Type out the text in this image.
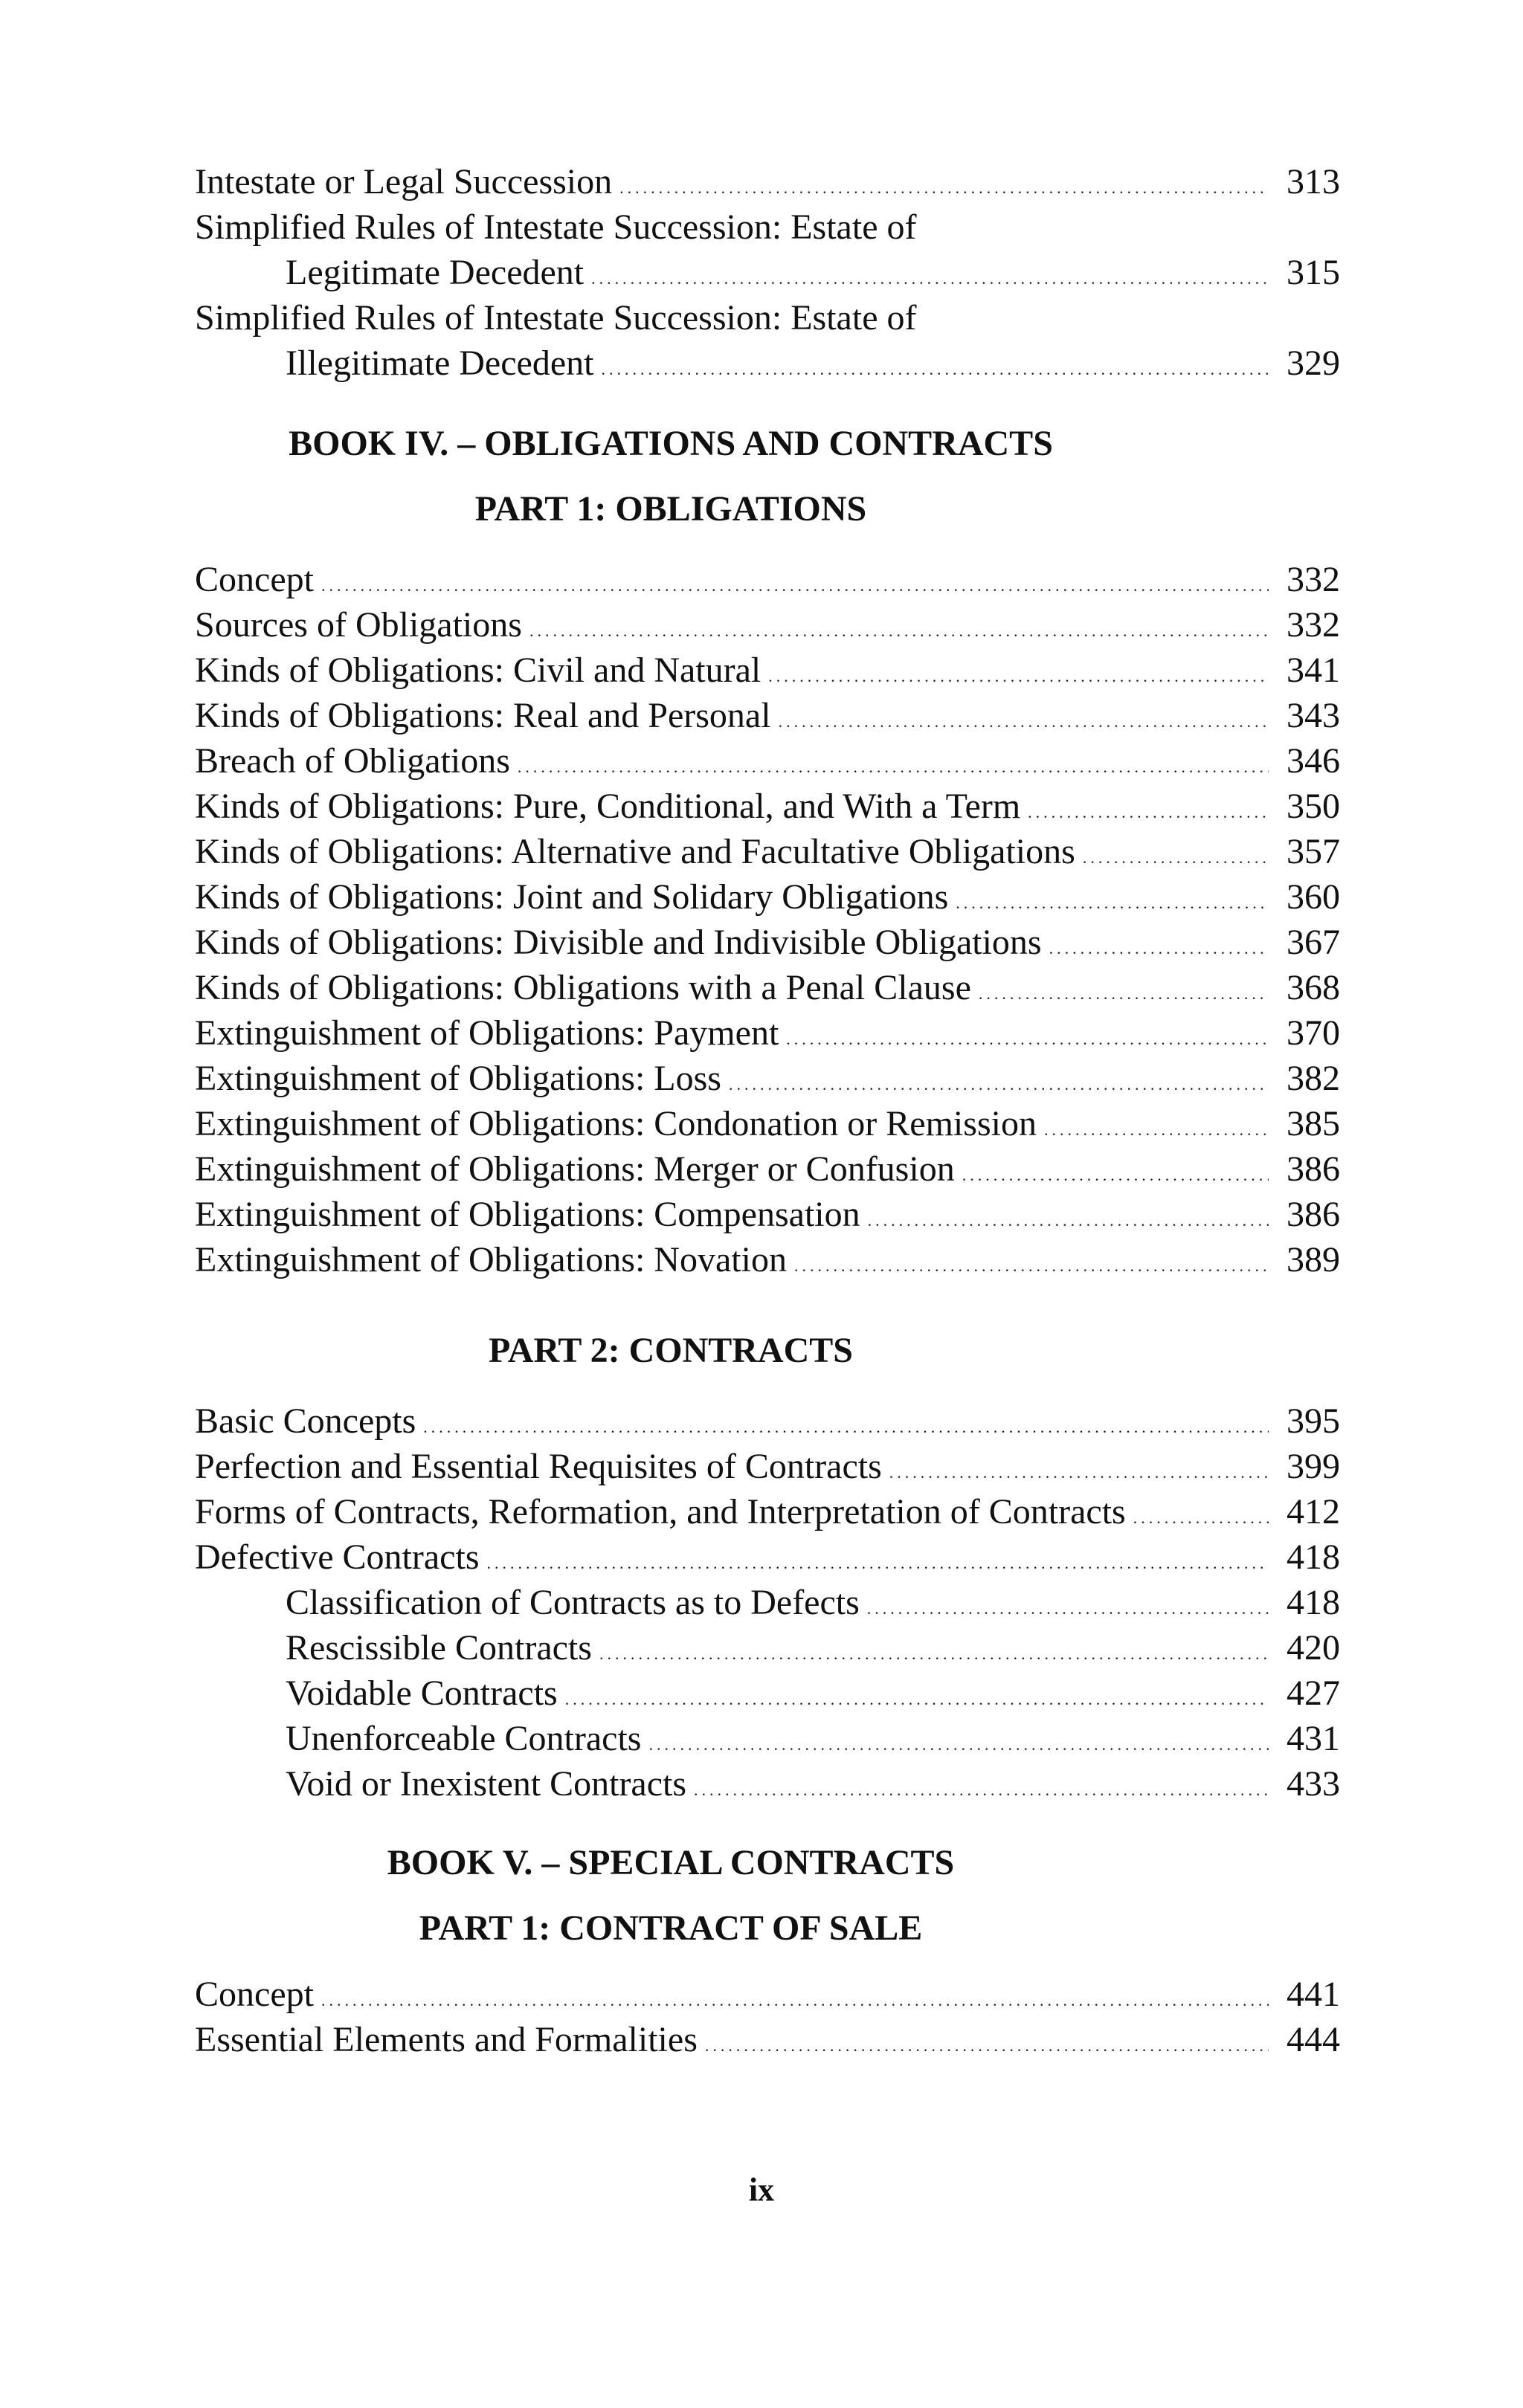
Intestate or Legal Succession .....	313
Simplified Rules of Intestate Succession: Estate of
Legitimate Decedent .....	315
Simplified Rules of Intestate Succession: Estate of
Illegitimate Decedent .....	329
BOOK IV. – OBLIGATIONS AND CONTRACTS
PART 1: OBLIGATIONS
Concept .....	332
Sources of Obligations .....	332
Kinds of Obligations: Civil and Natural .....	341
Kinds of Obligations: Real and Personal .....	343
Breach of Obligations .....	346
Kinds of Obligations: Pure, Conditional, and With a Term .....	350
Kinds of Obligations: Alternative and Facultative Obligations .....	357
Kinds of Obligations: Joint and Solidary Obligations .....	360
Kinds of Obligations: Divisible and Indivisible Obligations .....	367
Kinds of Obligations: Obligations with a Penal Clause .....	368
Extinguishment of Obligations: Payment .....	370
Extinguishment of Obligations: Loss .....	382
Extinguishment of Obligations: Condonation or Remission .....	385
Extinguishment of Obligations: Merger or Confusion .....	386
Extinguishment of Obligations: Compensation .....	386
Extinguishment of Obligations: Novation .....	389
PART 2: CONTRACTS
Basic Concepts .....	395
Perfection and Essential Requisites of Contracts .....	399
Forms of Contracts, Reformation, and Interpretation of Contracts .....	412
Defective Contracts .....	418
Classification of Contracts as to Defects .....	418
Rescissible Contracts .....	420
Voidable Contracts .....	427
Unenforceable Contracts .....	431
Void or Inexistent Contracts .....	433
BOOK V. – SPECIAL CONTRACTS
PART 1: CONTRACT OF SALE
Concept .....	441
Essential Elements and Formalities .....	444
ix
